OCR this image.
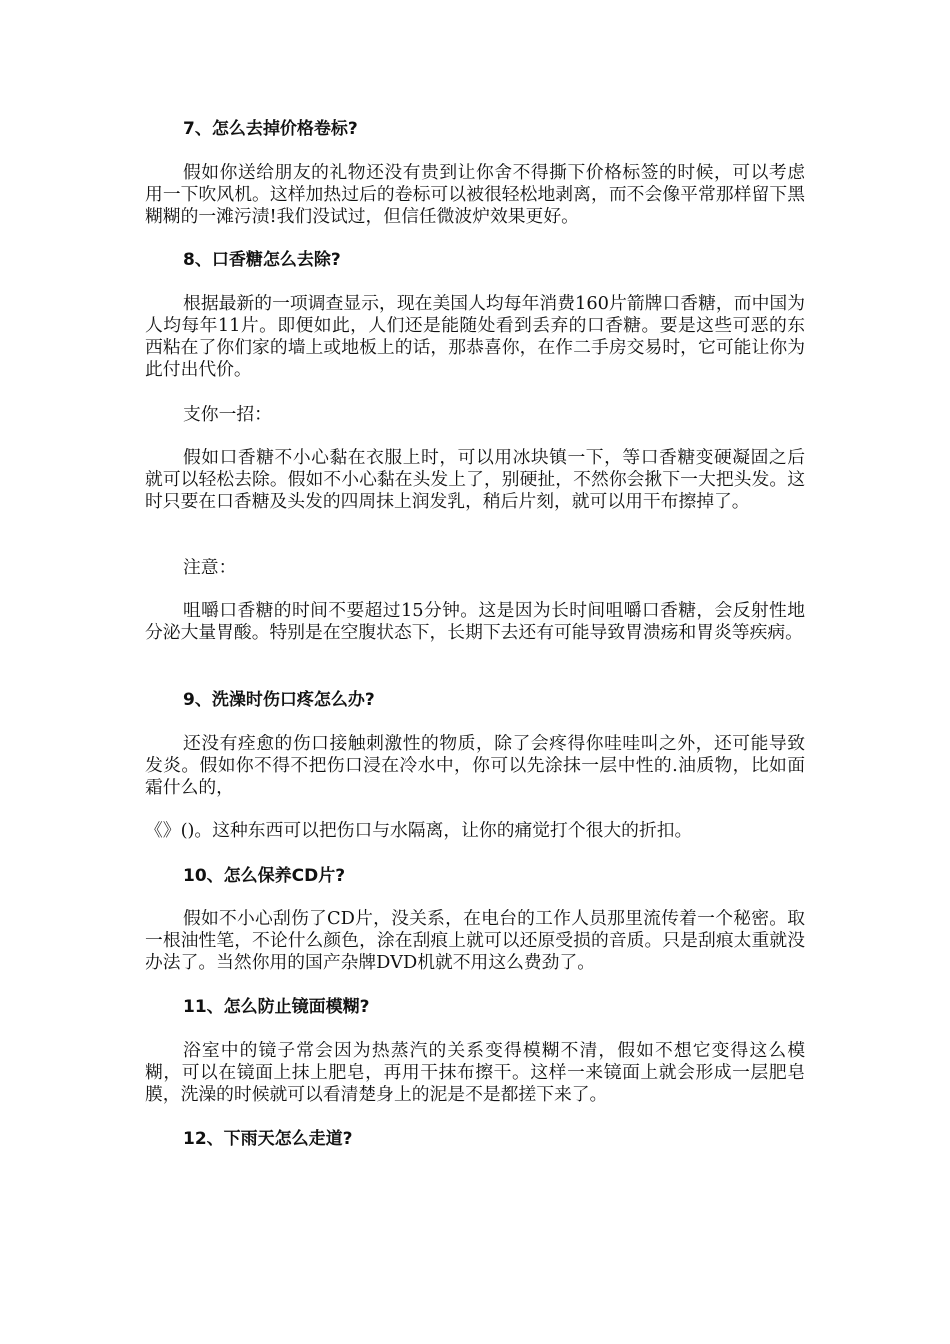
7、怎么去掉价格卷标?

假如你送给朋友的礼物还没有贵到让你舍不得撕下价格标签的时候，可以考虑用一下吹风机。这样加热过后的卷标可以被很轻松地剥离，而不会像平常那样留下黑糊糊的一滩污渍!我们没试过，但信任微波炉效果更好。

8、口香糖怎么去除?

根据最新的一项调查显示，现在美国人均每年消费160片箭牌口香糖，而中国为人均每年11片。即便如此，人们还是能随处看到丢弃的口香糖。要是这些可恶的东西粘在了你们家的墙上或地板上的话，那恭喜你，在作二手房交易时，它可能让你为此付出代价。

支你一招：

假如口香糖不小心黏在衣服上时，可以用冰块镇一下，等口香糖变硬凝固之后就可以轻松去除。假如不小心黏在头发上了，别硬扯，不然你会揪下一大把头发。这时只要在口香糖及头发的四周抹上润发乳，稍后片刻，就可以用干布擦掉了。

注意：

咀嚼口香糖的时间不要超过15分钟。这是因为长时间咀嚼口香糖，会反射性地分泌大量胃酸。特别是在空腹状态下，长期下去还有可能导致胃溃疡和胃炎等疾病。

9、洗澡时伤口疼怎么办?

还没有痊愈的伤口接触刺激性的物质，除了会疼得你哇哇叫之外，还可能导致发炎。假如你不得不把伤口浸在冷水中，你可以先涂抹一层中性的.油质物，比如面霜什么的，

《》()。这种东西可以把伤口与水隔离，让你的痛觉打个很大的折扣。

10、怎么保养CD片?

假如不小心刮伤了CD片，没关系，在电台的工作人员那里流传着一个秘密。取一根油性笔，不论什么颜色，涂在刮痕上就可以还原受损的音质。只是刮痕太重就没办法了。当然你用的国产杂牌DVD机就不用这么费劲了。

11、怎么防止镜面模糊?

浴室中的镜子常会因为热蒸汽的关系变得模糊不清，假如不想它变得这么模糊，可以在镜面上抹上肥皂，再用干抹布擦干。这样一来镜面上就会形成一层肥皂膜，洗澡的时候就可以看清楚身上的泥是不是都搓下来了。

12、下雨天怎么走道?
